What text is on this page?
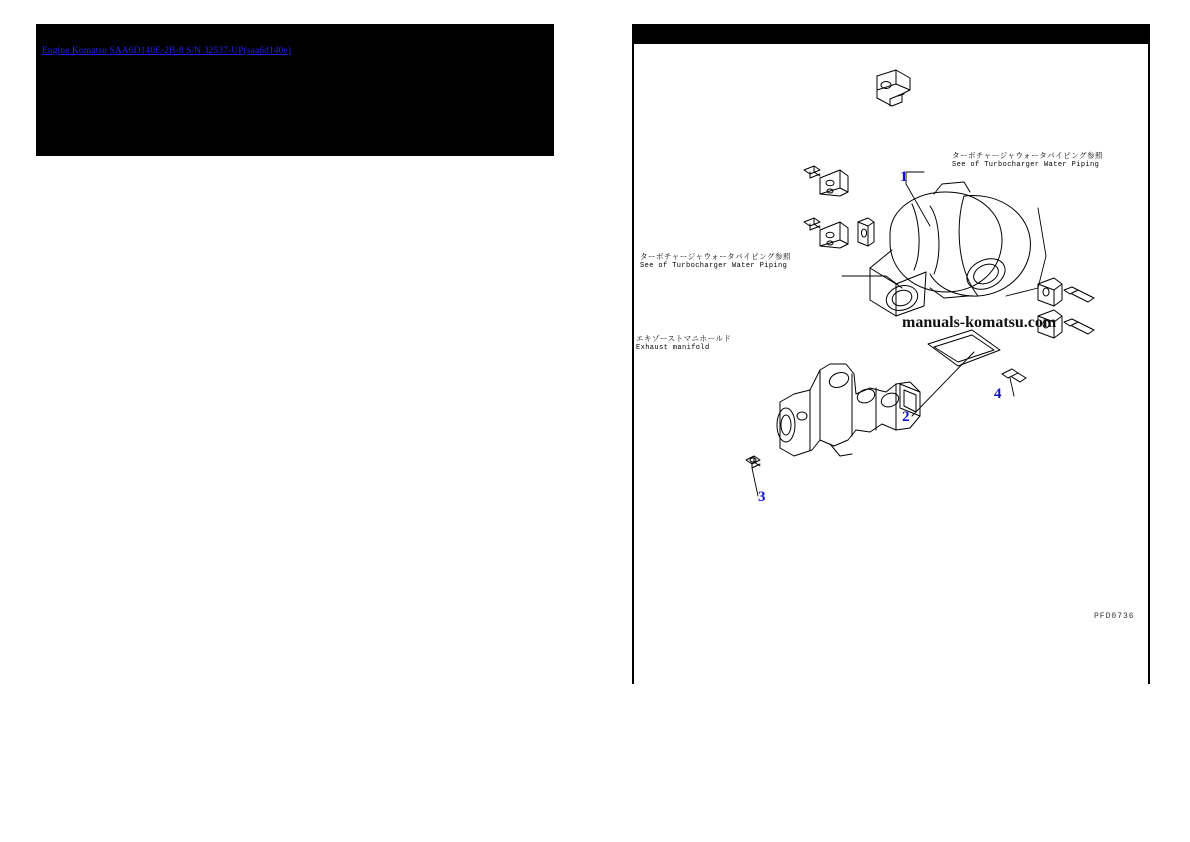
Engine Komatsu SAA6D140E-2B-8 S/N 32537-UP(saa6d140e)
manuals-komatsu.com
1
2
3
4
ターボチャージャウォータパイピング参照
See of Turbocharger Water Piping
ターボチャージャウォータパイピング参照
See of Turbocharger Water Piping
エキゾーストマニホールド
Exhaust manifold
PFD0736
